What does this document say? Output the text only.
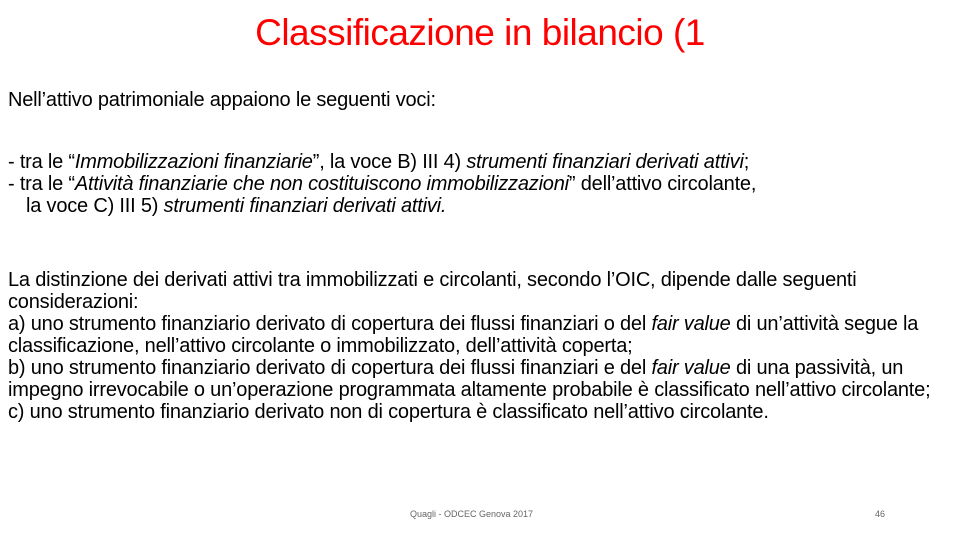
Classificazione in bilancio (1
Nell’attivo patrimoniale appaiono le seguenti voci:
- tra le “Immobilizzazioni finanziarie”, la voce B) III 4) strumenti finanziari derivati attivi;
- tra le “Attività finanziarie che non costituiscono immobilizzazioni” dell’attivo circolante,
la voce C) III 5) strumenti finanziari derivati attivi.
La distinzione dei derivati attivi tra immobilizzati e circolanti, secondo l’OIC, dipende dalle seguenti considerazioni:
a) uno strumento finanziario derivato di copertura dei flussi finanziari o del fair value di un’attività segue la classificazione, nell’attivo circolante o immobilizzato, dell’attività coperta;
b) uno strumento finanziario derivato di copertura dei flussi finanziari e del fair value di una passività, un impegno irrevocabile o un’operazione programmata altamente probabile è classificato nell’attivo circolante;
c) uno strumento finanziario derivato non di copertura è classificato nell’attivo circolante.
Quagli - ODCEC Genova 2017	46
